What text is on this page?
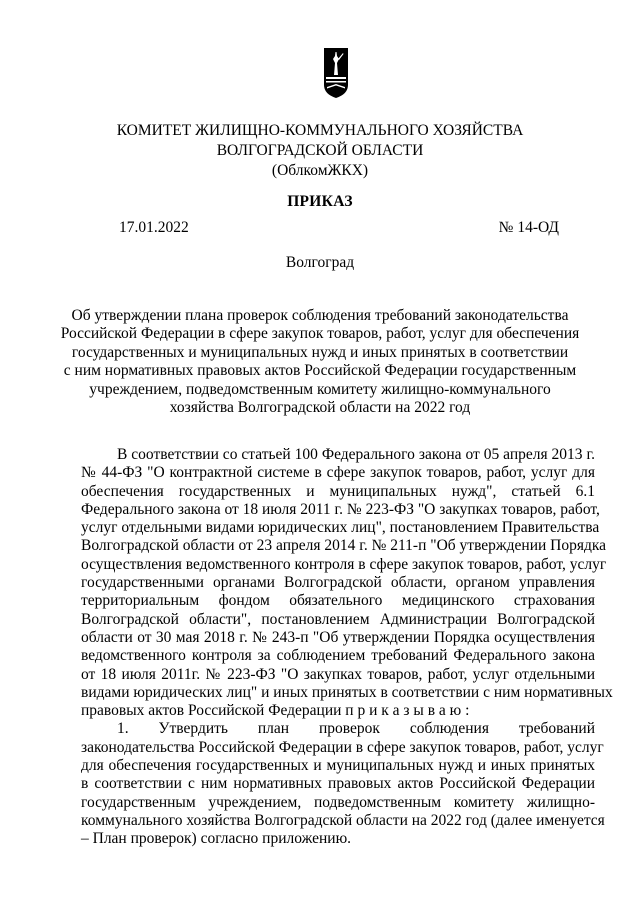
КОМИТЕТ ЖИЛИЩНО-КОММУНАЛЬНОГО ХОЗЯЙСТВА
ВОЛГОГРАДСКОЙ ОБЛАСТИ
(ОблкомЖКХ)
ПРИКАЗ
17.01.2022	№ 14-ОД
Волгоград
Об утверждении плана проверок соблюдения требований законодательства
Российской Федерации в сфере закупок товаров, работ, услуг для обеспечения
государственных и муниципальных нужд и иных принятых в соответствии
с ним нормативных правовых актов Российской Федерации государственным
учреждением, подведомственным комитету жилищно-коммунального
хозяйства Волгоградской области на 2022 год
В соответствии со статьей 100 Федерального закона от 05 апреля 2013 г.
№ 44-ФЗ "О контрактной системе в сфере закупок товаров, работ, услуг для
обеспечения государственных и муниципальных нужд", статьей 6.1
Федерального закона от 18 июля 2011 г. № 223-ФЗ "О закупках товаров, работ,
услуг отдельными видами юридических лиц", постановлением Правительства
Волгоградской области от 23 апреля 2014 г. № 211-п "Об утверждении Порядка
осуществления ведомственного контроля в сфере закупок товаров, работ, услуг
государственными органами Волгоградской области, органом управления
территориальным фондом обязательного медицинского страхования
Волгоградской области", постановлением Администрации Волгоградской
области от 30 мая 2018 г. № 243-п "Об утверждении Порядка осуществления
ведомственного контроля за соблюдением требований Федерального закона
от 18 июля 2011г. № 223-ФЗ "О закупках товаров, работ, услуг отдельными
видами юридических лиц" и иных принятых в соответствии с ним нормативных
правовых актов Российской Федерации п р и к а з ы в а ю :
1. Утвердить план проверок соблюдения требований
законодательства Российской Федерации в сфере закупок товаров, работ, услуг
для обеспечения государственных и муниципальных нужд и иных принятых
в соответствии с ним нормативных правовых актов Российской Федерации
государственным учреждением, подведомственным комитету жилищно-
коммунального хозяйства Волгоградской области на 2022 год (далее именуется
– План проверок) согласно приложению.
